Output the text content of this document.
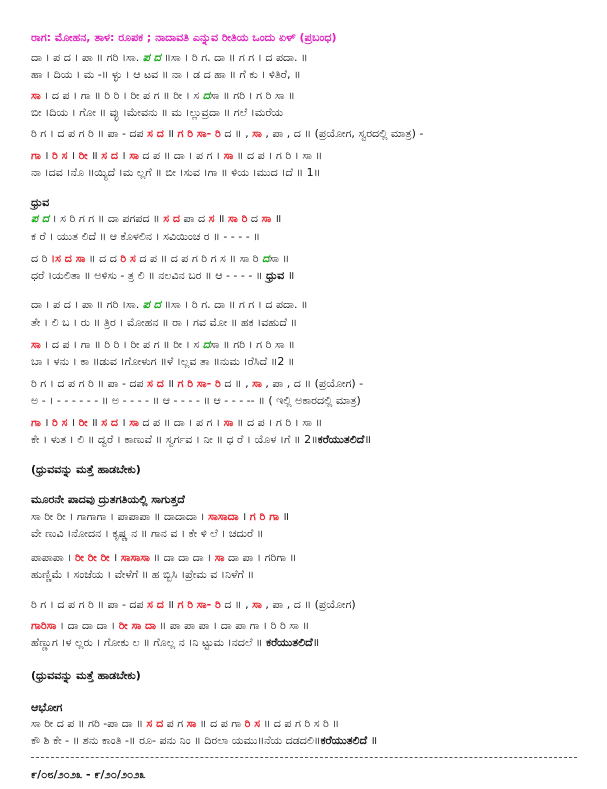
ರಾಗ: ಮೋಹನ, ತಾಳ: ರೂಪಕ ; ನಾದಾವತಿ ಎನ್ನುವ ರೀತಿಯ ಒಂದು ಏಳ್ (ಪ್ರಬಂಧ)
ದಾ । ಪ ದ । ಪಾ ॥ ಗರಿ ।ಸಾ. ಪ ದ ॥ಸಾ । ರಿ ಗ. ದಾ ॥ ಗ ಗ । ದ ಪದಾ. ॥
ಹಾ । ದಿಯ । ಮ -॥ ಳ್ಳು । ಆ ಟವ ॥ ನಾ । ಡ ದ ಹಾ ॥ ಗೆ ಕು । ಳಿತಿರೆ, ॥
ಸಾ । ದ ಪ । ಗಾ ॥ ರಿ ರಿ । ರೀ ಪ ಗ ॥ ರೀ । ಸ ದಸಾ ॥ ಗರಿ । ಗ ರಿ ಸಾ ॥
ಬೀ ।ದಿಯ । ಗೋ ॥ ವ್ಳು ।ಮೇವನು ॥ ಮ ।ಲ್ಲುವ್ರದಾ ॥ ಗಲೆ ।ಮರೆಯ
ರಿ ಗ । ದ ಪ ಗ ರಿ ॥ ಪಾ - ದಪ ಸ ದ ॥ ಗ ರಿ ಸಾ- ರಿ ದ ॥ , ಸಾ , ಪಾ , ದ ॥ (ಪ್ರಯೋಗ, ಸ್ವರದಲ್ಲಿ ಮಾತ್ರ) -
ಗಾ । ರಿ ಸ । ರೀ ॥ ಸ ದ । ಸಾ ದ ಪ ॥ ದಾ । ಪ ಗ । ಸಾ ॥ ದ ಪ । ಗ ರಿ । ಸಾ ॥
ನಾ ।ದವ ।ನೊ ॥ಯ್ಯಿದೆ ।ಮ ಲ್ಲಗೆ ॥ ಬೀ ।ಸುವ ।ಗಾ ॥ ಳಿಯ ।ಮುದ ।ದೆ ॥ 1॥
ಧ್ರುವ
ಪ ದ । ಸ ರಿ ಗ ಗ ॥ ದಾ ಪಗಪದ ॥ ಸ ದ ಪಾ ದ ಸ ॥ ಸಾ ರಿ ದ ಸಾ ॥
ಕ ರೆ । ಯುತ ಲಿದೆ ॥ ಆ ಕೊಳಲಿನ । ಸವಿಯಿಂಚ ರ ॥ - - - - ॥
ದ ರಿ ।ಸ ದ ಸಾ ॥ ದ ದ ರಿ ಸ ದ ಪ ॥ ದ ಪ ಗ ರಿ ಗ ಸ ॥ ಸಾ ರಿ ದಸಾ ॥
ಧರೆ ।ಯಲಿತಾ ॥ ಅಳಿಸು - ತ್ರ ಲಿ ॥ ನಲವಿನ ಬರ ॥ ಆ - - - - ॥ ಧ್ರುವ ॥
ದಾ । ಪ ದ । ಪಾ ॥ ಗರಿ ।ಸಾ. ಪ ದ ॥ಸಾ । ರಿ ಗ. ದಾ ॥ ಗ ಗ । ದ ಪದಾ. ॥
ತೇ । ಲಿ ಬ । ರು ॥ ತ್ರಿರ । ಮೋಹನ ॥ ರಾ । ಗವ ಮೋ ॥ ಹಕ ।ವಹುದೆ ॥
ಸಾ । ದ ಪ । ಗಾ ॥ ರಿ ರಿ । ರೀ ಪ ಗ ॥ ರೀ । ಸ ದಸಾ ॥ ಗರಿ । ಗ ರಿ ಸಾ ॥
ಬಾ । ಳನು । ಕಾ ॥ಡುವ ।ಗೋಳುಗ ॥ಳೆ ।ಲ್ಲವ ತಾ ॥ನುಮ ।ರೆಸಿದೆ ॥2 ॥
ರಿ ಗ । ದ ಪ ಗ ರಿ ॥ ಪಾ - ದಪ ಸ ದ ॥ ಗ ರಿ ಸಾ- ರಿ ದ ॥ , ಸಾ , ಪಾ , ದ ॥ (ಪ್ರಯೋಗ) -
ಅ - । - - - - - - ॥ ಅ - - - - ॥ ಆ - - - - ॥ ಆ - - - -- ॥ ( ಇಲ್ಲಿ ಅಕಾರದಲ್ಲಿ ಮಾತ್ರ)
ಗಾ । ರಿ ಸ । ರೀ ॥ ಸ ದ । ಸಾ ದ ಪ ॥ ದಾ । ಪ ಗ । ಸಾ ॥ ದ ಪ । ಗ ರಿ । ಸಾ ॥
ಕೇ । ಳುತ । ಲಿ ॥ ದ್ವರೆ । ಕಾಣುವೆ ॥ ಸ್ವರ್ಗವ । ನೀ ॥ ಧ ರೆ । ಯೊಳ ।ಗೆ ॥ 2॥ಕರೆಯುತಲಿದೆ॥
(ಧ್ರುವವನ್ನು ಮತ್ತೆ ಹಾಡಬೇಕು)
ಮೂರನೇ ಪಾದವು ದ್ರುತಗತಿಯಲ್ಲಿ ಸಾಗುತ್ತದೆ
ಸಾ ರೀ ರೀ । ಗಾಗಾಗಾ । ಪಾಪಾಪಾ ॥ ದಾದಾದಾ । ಸಾಸಾದಾ । ಗ ರಿ ಗಾ ॥
ವೇ ಣುವಿ ।ನೋದನ । ಕೃಷ್ಣ ನ ॥ ಗಾನ ವ । ಕೇ ಳಿ ಲೆ । ಚದುರೆ ॥
ಪಾಪಾಪಾ । ರೀ ರೀ ರೀ । ಸಾಸಾಸಾ ॥ ದಾ ದಾ ದಾ । ಸಾ ದಾ ಪಾ । ಗರಿಗಾ ॥
ಹುಣ್ಣಿಮೆ । ಸಂಜೆಯ । ವೇಳೆಗೆ ॥ ಹ ಬ್ಬಿಸಿ ।ಪ್ರೇಮ ವ ।ನಿಳೆಗೆ ॥
ರಿ ಗ । ದ ಪ ಗ ರಿ ॥ ಪಾ - ದಪ ಸ ದ ॥ ಗ ರಿ ಸಾ- ರಿ ದ ॥ , ಸಾ , ಪಾ , ದ ॥ (ಪ್ರಯೋಗ)
ಗಾರಿಸಾ । ದಾ ದಾ ದಾ । ರೀ ಸಾ ದಾ ॥ ಪಾ ಪಾ ಪಾ । ದಾ ಪಾ ಗಾ । ರಿ ರಿ ಸಾ ॥
ಹೆಣ್ಣುಗ ।ಳ ಲ್ಲರು । ಗೋಕು ಲ ॥ ಗೊಲ್ಲ ನ ।ನಿ ಟ್ಟುಮ ।ನದಲೆ ॥ ಕರೆಯುತಲಿದೆ॥
(ಧ್ರುವವನ್ನು ಮತ್ತೆ ಹಾಡಬೇಕು)
ಆಭೋಗ
ಸಾ ರೀ ದ ಪ ॥ ಗರಿ -ಪಾ ದಾ ॥ ಸ ದ ಪ ಗ ಸಾ ॥ ದ ಪ ಗಾ ರಿ ಸ ॥ ದ ಪ ಗ ರಿ ಸ ರಿ ॥
ಕೌ ಶಿ ಕೇ - ॥ ಶನು ಕಾಂತಿ -॥ ರೂ- ಪನು ನಿಂ ॥ ದಿರಲಾ ಯಮು॥ನೆಯ ದಡದಲಿ॥ಕರೆಯುತಲಿದೆ ॥
೯/೦೮/೨೦೨೩ - ೯/೨೦/೨೦೨೩
